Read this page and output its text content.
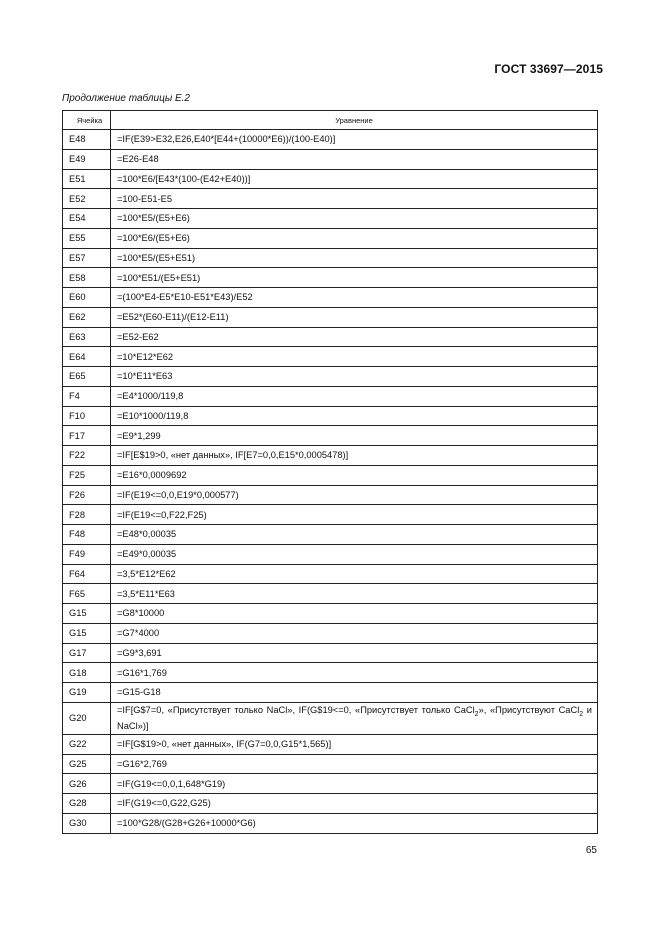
ГОСТ 33697—2015
Продолжение таблицы Е.2
Ячейка	Уравнение
E48	=IF(E39>E32,E26,E40*[E44+(10000*E6))/(100-E40)]
E49	=E26-E48
E51	=100*E6/[E43*(100-(E42+E40))]
E52	=100-E51-E5
E54	=100*E5/(E5+E6)
E55	=100*E6/(E5+E6)
E57	=100*E5/(E5+E51)
E58	=100*E51/(E5+E51)
E60	=(100*E4-E5*E10-E51*E43)/E52
E62	=E52*(E60-E11)/(E12-E11)
E63	=E52-E62
E64	=10*E12*E62
E65	=10*E11*E63
F4	=E4*1000/119,8
F10	=E10*1000/119,8
F17	=E9*1,299
F22	=IF[E$19>0, «нет данных», IF[E7=0,0,E15*0,0005478)]
F25	=E16*0,0009692
F26	=IF(E19<=0,0,E19*0,000577)
F28	=IF(E19<=0,F22,F25)
F48	=E48*0,00035
F49	=E49*0,00035
F64	=3,5*E12*E62
F65	=3,5*E11*E63
G15	=G8*10000
G15	=G7*4000
G17	=G9*3,691
G18	=G16*1,769
G19	=G15-G18
G20	=IF[G$7=0, «Присутствует только NaCl», IF(G$19<=0, «Присутствует только CaCl$_2$», «Присутствуют CaCl$_2$ и NaCl»)]
G22	=IF[G$19>0, «нет данных», IF(G7=0,0,G15*1,565)]
G25	=G16*2,769
G26	=IF(G19<=0,0,1,648*G19)
G28	=IF(G19<=0,G22,G25)
G30	=100*G28/(G28+G26+10000*G6)
65
